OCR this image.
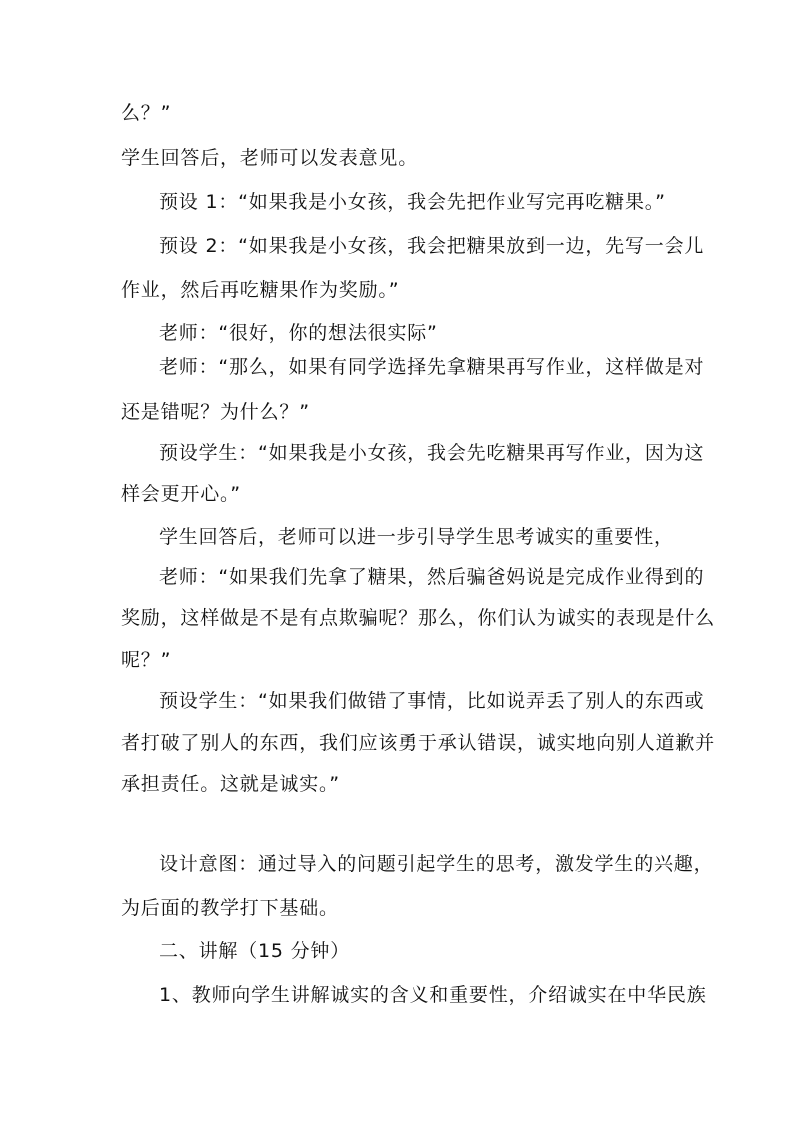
么？”

学生回答后，老师可以发表意见。

预设 1：“如果我是小女孩，我会先把作业写完再吃糖果。”

预设 2：“如果我是小女孩，我会把糖果放到一边，先写一会儿

作业，然后再吃糖果作为奖励。”

老师：“很好，你的想法很实际”

老师：“那么，如果有同学选择先拿糖果再写作业，这样做是对

还是错呢？为什么？”

预设学生：“如果我是小女孩，我会先吃糖果再写作业，因为这

样会更开心。”

学生回答后，老师可以进一步引导学生思考诚实的重要性，

老师：“如果我们先拿了糖果，然后骗爸妈说是完成作业得到的

奖励，这样做是不是有点欺骗呢？那么，你们认为诚实的表现是什么

呢？”

预设学生：“如果我们做错了事情，比如说弄丢了别人的东西或

者打破了别人的东西，我们应该勇于承认错误，诚实地向别人道歉并

承担责任。这就是诚实。”

设计意图：通过导入的问题引起学生的思考，激发学生的兴趣，

为后面的教学打下基础。

二、讲解（15 分钟）

1、教师向学生讲解诚实的含义和重要性，介绍诚实在中华民族
